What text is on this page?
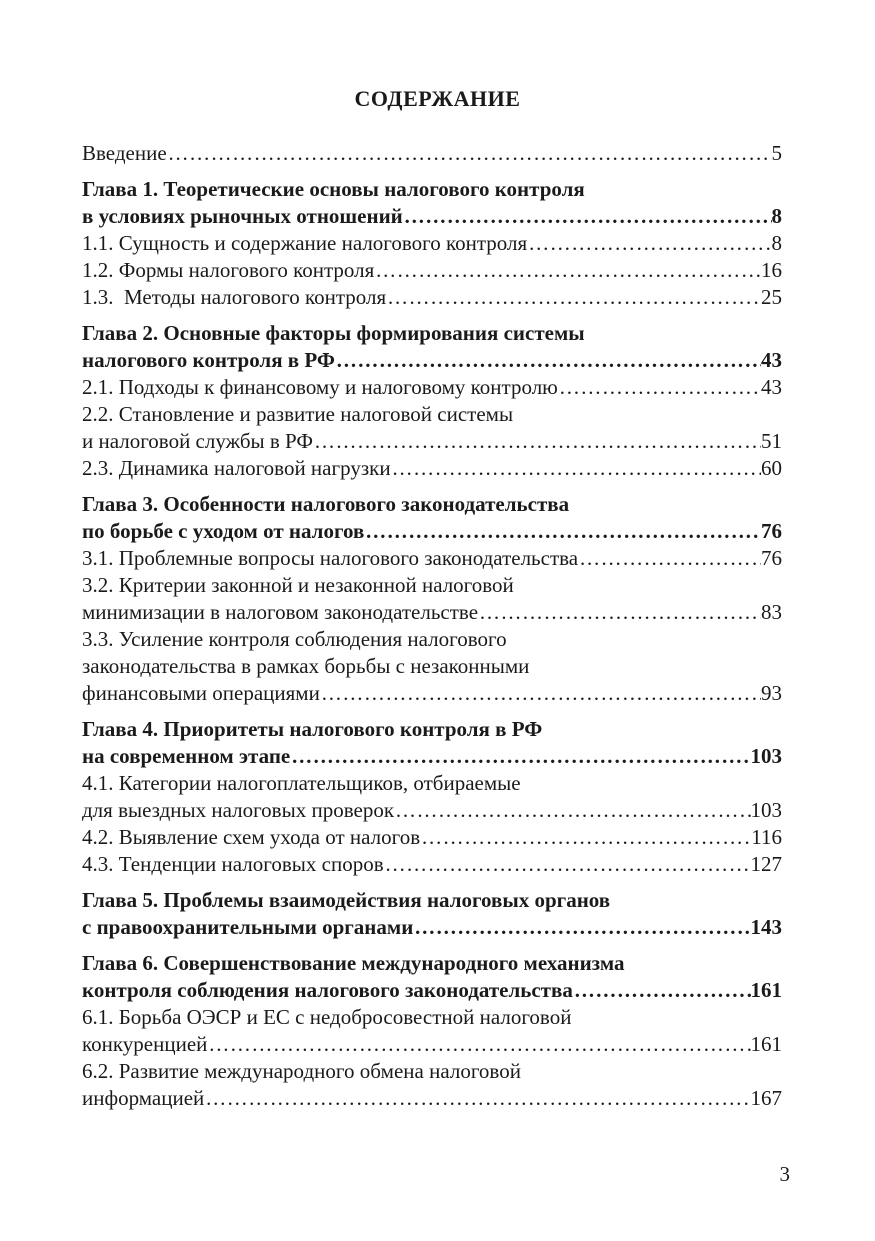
СОДЕРЖАНИЕ
Введение ……………………………………………………………………………………………………………………………………………………………………………………	5
Глава 1. Теоретические основы налогового контроля
в условиях рыночных отношений ……………………………………………………………………………………………………………………………………………………………………………………	8
1.1. Сущность и содержание налогового контроля ……………………………………………………………………………………………………………………………………………………………………………………	8
1.2. Формы налогового контроля ……………………………………………………………………………………………………………………………………………………………………………………	16
1.3.  Методы налогового контроля ……………………………………………………………………………………………………………………………………………………………………………………	25
Глава 2. Основные факторы формирования системы
налогового контроля в РФ ……………………………………………………………………………………………………………………………………………………………………………………	43
2.1. Подходы к финансовому и налоговому контролю ……………………………………………………………………………………………………………………………………………………………………………………	43
2.2. Становление и развитие налоговой системы
и налоговой службы в РФ ……………………………………………………………………………………………………………………………………………………………………………………	51
2.3. Динамика налоговой нагрузки ……………………………………………………………………………………………………………………………………………………………………………………	60
Глава 3. Особенности налогового законодательства
по борьбе с уходом от налогов ……………………………………………………………………………………………………………………………………………………………………………………	76
3.1. Проблемные вопросы налогового законодательства ……………………………………………………………………………………………………………………………………………………………………………………	76
3.2. Критерии законной и незаконной налоговой
минимизации в налоговом законодательстве ……………………………………………………………………………………………………………………………………………………………………………………	83
3.3. Усиление контроля соблюдения налогового
законодательства в рамках борьбы с незаконными
финансовыми операциями ……………………………………………………………………………………………………………………………………………………………………………………	93
Глава 4. Приоритеты налогового контроля в РФ
на современном этапе ……………………………………………………………………………………………………………………………………………………………………………………	103
4.1. Категории налогоплательщиков, отбираемые
для выездных налоговых проверок ……………………………………………………………………………………………………………………………………………………………………………………	103
4.2. Выявление схем ухода от налогов ……………………………………………………………………………………………………………………………………………………………………………………	116
4.3. Тенденции налоговых споров ……………………………………………………………………………………………………………………………………………………………………………………	127
Глава 5. Проблемы взаимодействия налоговых органов
с правоохранительными органами ……………………………………………………………………………………………………………………………………………………………………………………	143
Глава 6. Совершенствование международного механизма
контроля соблюдения налогового законодательства ……………………………………………………………………………………………………………………………………………………………………………………	161
6.1. Борьба ОЭСР и ЕС с недобросовестной налоговой
конкуренцией ……………………………………………………………………………………………………………………………………………………………………………………	161
6.2. Развитие международного обмена налоговой
информацией ……………………………………………………………………………………………………………………………………………………………………………………	167
3
